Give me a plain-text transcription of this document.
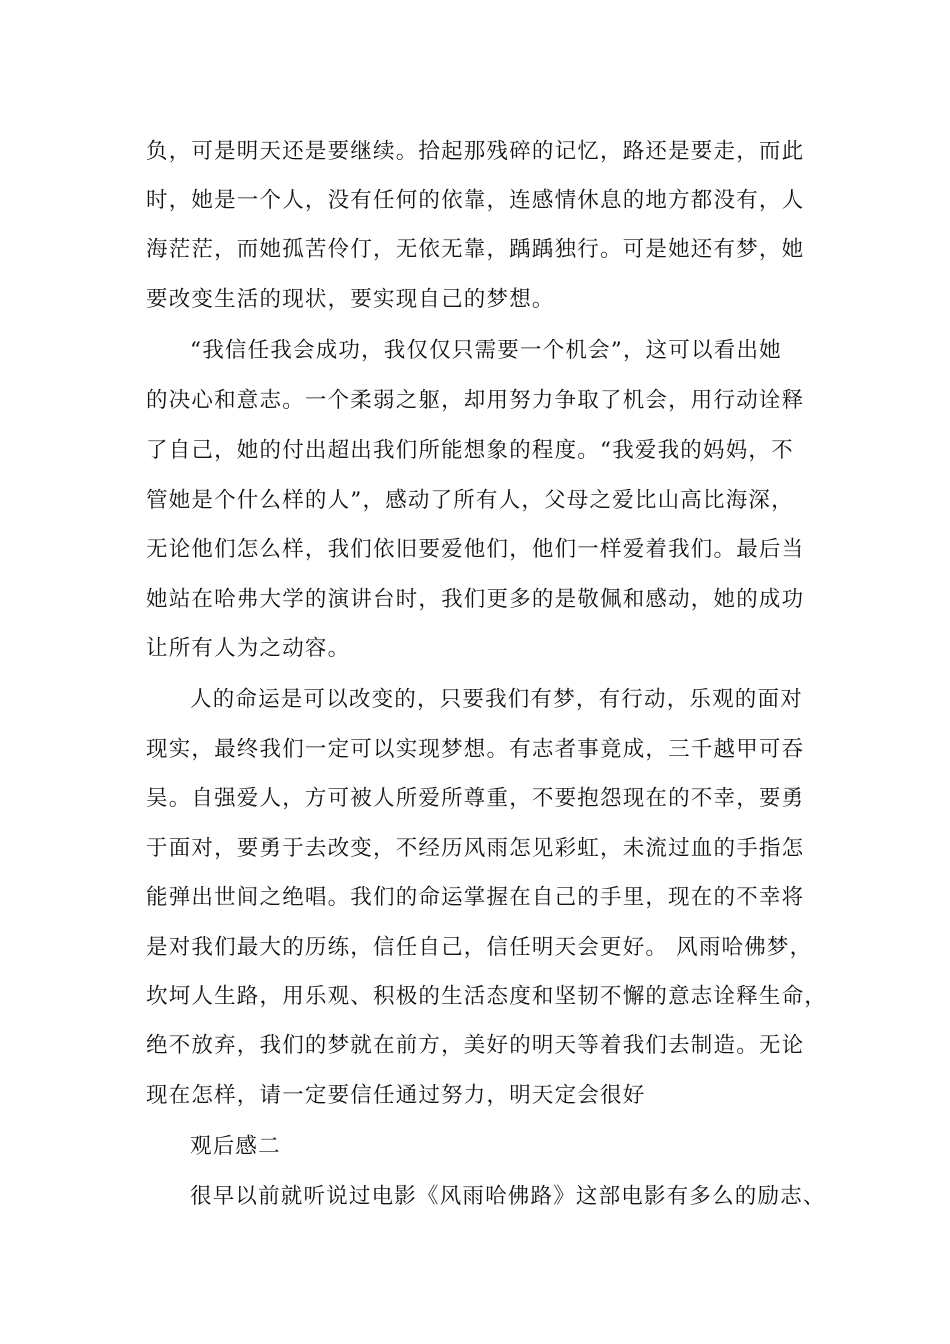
负，可是明天还是要继续。拾起那残碎的记忆，路还是要走，而此
时，她是一个人，没有任何的依靠，连感情休息的地方都没有，人
海茫茫，而她孤苦伶仃，无依无靠，踽踽独行。可是她还有梦，她
要改变生活的现状，要实现自己的梦想。
“我信任我会成功，我仅仅只需要一个机会”，这可以看出她
的决心和意志。一个柔弱之躯，却用努力争取了机会，用行动诠释
了自己，她的付出超出我们所能想象的程度。“我爱我的妈妈，不
管她是个什么样的人”，感动了所有人，父母之爱比山高比海深，
无论他们怎么样，我们依旧要爱他们，他们一样爱着我们。最后当
她站在哈弗大学的演讲台时，我们更多的是敬佩和感动，她的成功
让所有人为之动容。
人的命运是可以改变的，只要我们有梦，有行动，乐观的面对
现实，最终我们一定可以实现梦想。有志者事竟成，三千越甲可吞
吴。自强爱人，方可被人所爱所尊重，不要抱怨现在的不幸，要勇
于面对，要勇于去改变，不经历风雨怎见彩虹，未流过血的手指怎
能弹出世间之绝唱。我们的命运掌握在自己的手里，现在的不幸将
是对我们最大的历练，信任自己，信任明天会更好。 风雨哈佛梦，
坎坷人生路，用乐观、积极的生活态度和坚韧不懈的意志诠释生命，
绝不放弃，我们的梦就在前方，美好的明天等着我们去制造。无论
现在怎样，请一定要信任通过努力，明天定会很好
观后感二
很早以前就听说过电影《风雨哈佛路》这部电影有多么的励志、
